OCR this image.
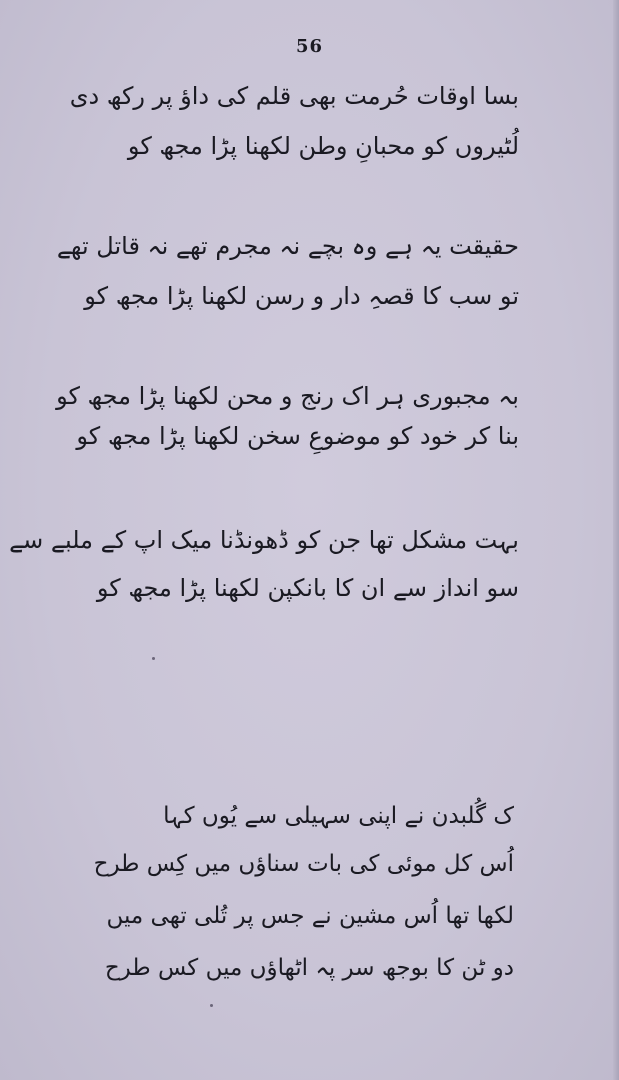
56
بسا اوقات حُرمت بھی قلم کی داؤ پر رکھ دی
لُٹیروں کو محبانِ وطن لکھنا پڑا مجھ کو
حقیقت یہ ہے وہ بچے نہ مجرم تھے نہ قاتل تھے
تو سب کا قصہِ دار و رسن لکھنا پڑا مجھ کو
بہ مجبوری ہر اک رنج و محن لکھنا پڑا مجھ کو
بنا کر خود کو موضوعِ سخن لکھنا پڑا مجھ کو
بہت مشکل تھا جن کو ڈھونڈنا میک اپ کے ملبے سے
سو انداز سے ان کا بانکپن لکھنا پڑا مجھ کو
ک گُلبدن نے اپنی سہیلی سے یُوں کہا
اُس کل موئی کی بات سناؤں میں کِس طرح
لکھا تھا اُس مشین نے جس پر تُلی تھی میں
دو ٹن کا بوجھ سر پہ اٹھاؤں میں کس طرح
